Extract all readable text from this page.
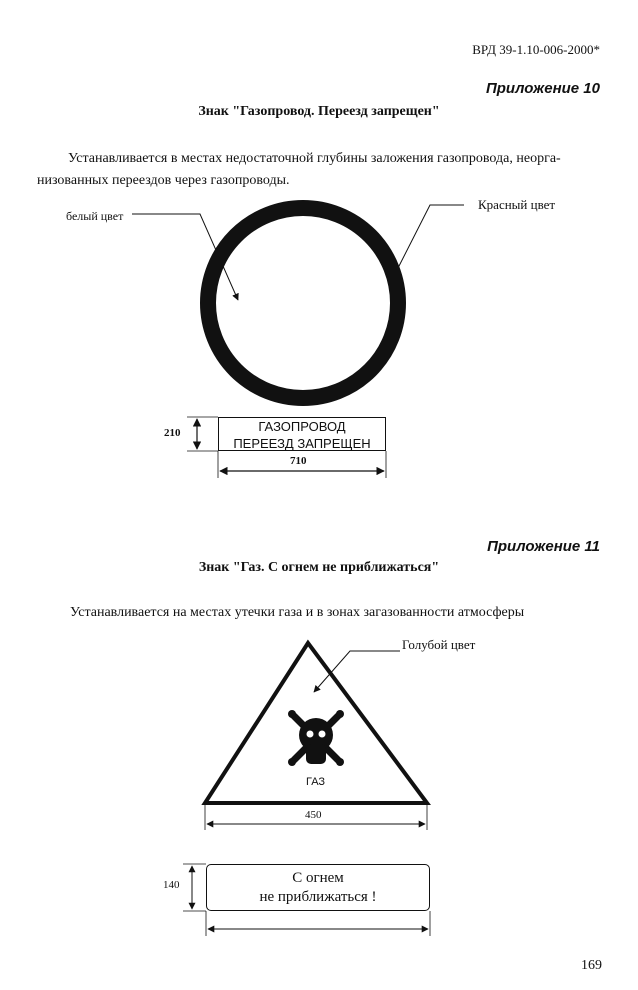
ВРД 39-1.10-006-2000*
Приложение 10
Знак "Газопровод. Переезд запрещен"
Устанавливается в местах недостаточной глубины заложения газопровода, неорга-
низованных переездов через газопроводы.
белый цвет
Красный цвет
ГАЗОПРОВОД
ПЕРЕЕЗД ЗАПРЕЩЕН
210
710
Приложение 11
Знак "Газ. С огнем не приближаться"
Устанавливается на местах утечки газа и в зонах загазованности атмосферы
Голубой цвет
ГАЗ
450
С огнем
не приближаться !
140
169
